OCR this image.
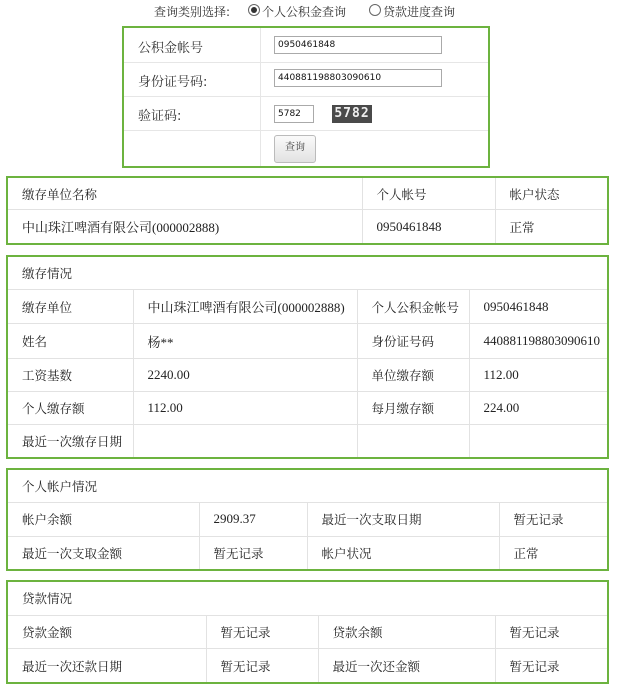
查询类别选择:	个人公积金查询	贷款进度查询
公积金帐号
0950461848
身份证号码:
440881198803090610
验证码:
5782	5782
查询
缴存单位名称	个人帐号	帐户状态
中山珠江啤酒有限公司(000002888)	0950461848	正常
缴存情况			
缴存单位	中山珠江啤酒有限公司(000002888)	个人公积金帐号	0950461848
姓名	杨**	身份证号码	440881198803090610
工资基数	2240.00	单位缴存额	112.00
个人缴存额	112.00	每月缴存额	224.00
最近一次缴存日期			
个人帐户情况			
帐户余额	2909.37	最近一次支取日期	暂无记录
最近一次支取金额	暂无记录	帐户状况	正常
贷款情况			
贷款金额	暂无记录	贷款余额	暂无记录
最近一次还款日期	暂无记录	最近一次还金额	暂无记录
